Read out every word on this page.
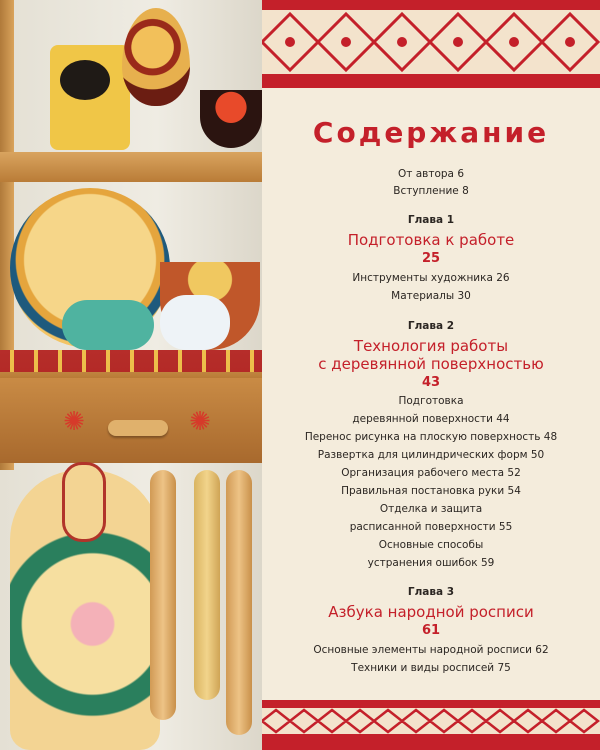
✺	✺
Содержание
От автора 6
Вступление 8
Глава 1
Подготовка к работе
25
Инструменты художника 26
Материалы 30
Глава 2
Технология работы
с деревянной поверхностью
43
Подготовка
деревянной поверхности 44
Перенос рисунка на плоскую поверхность 48
Развертка для цилиндрических форм 50
Организация рабочего места 52
Правильная постановка руки 54
Отделка и защита
расписанной поверхности 55
Основные способы
устранения ошибок 59
Глава 3
Азбука народной росписи
61
Основные элементы народной росписи 62
Техники и виды росписей 75
